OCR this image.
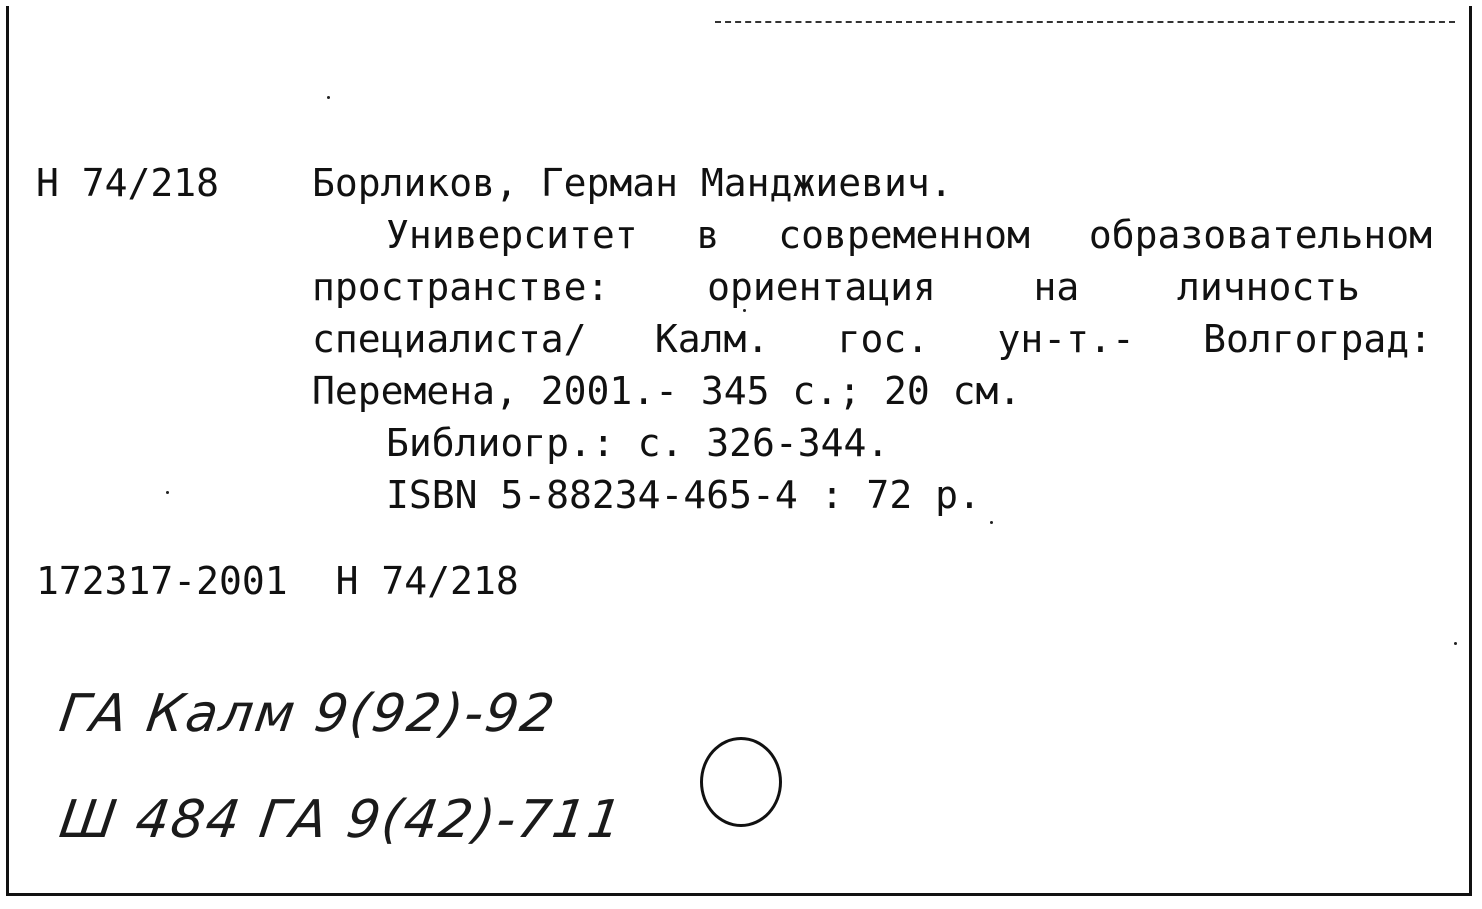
Н 74/218 Борликов, Герман Манджиевич.
Университет в современном образовательном
пространстве:	ориентация	на	личность
специалиста/ Калм. гос. ун-т.- Волгоград:
Перемена, 2001.- 345 с.; 20 см.
Библиогр.: с. 326-344.
ISBN 5-88234-465-4 : 72 р.
172317-2001 Н 74/218
ГА Калм 9(92)-92
Ш 484 ГА 9(42)-711
